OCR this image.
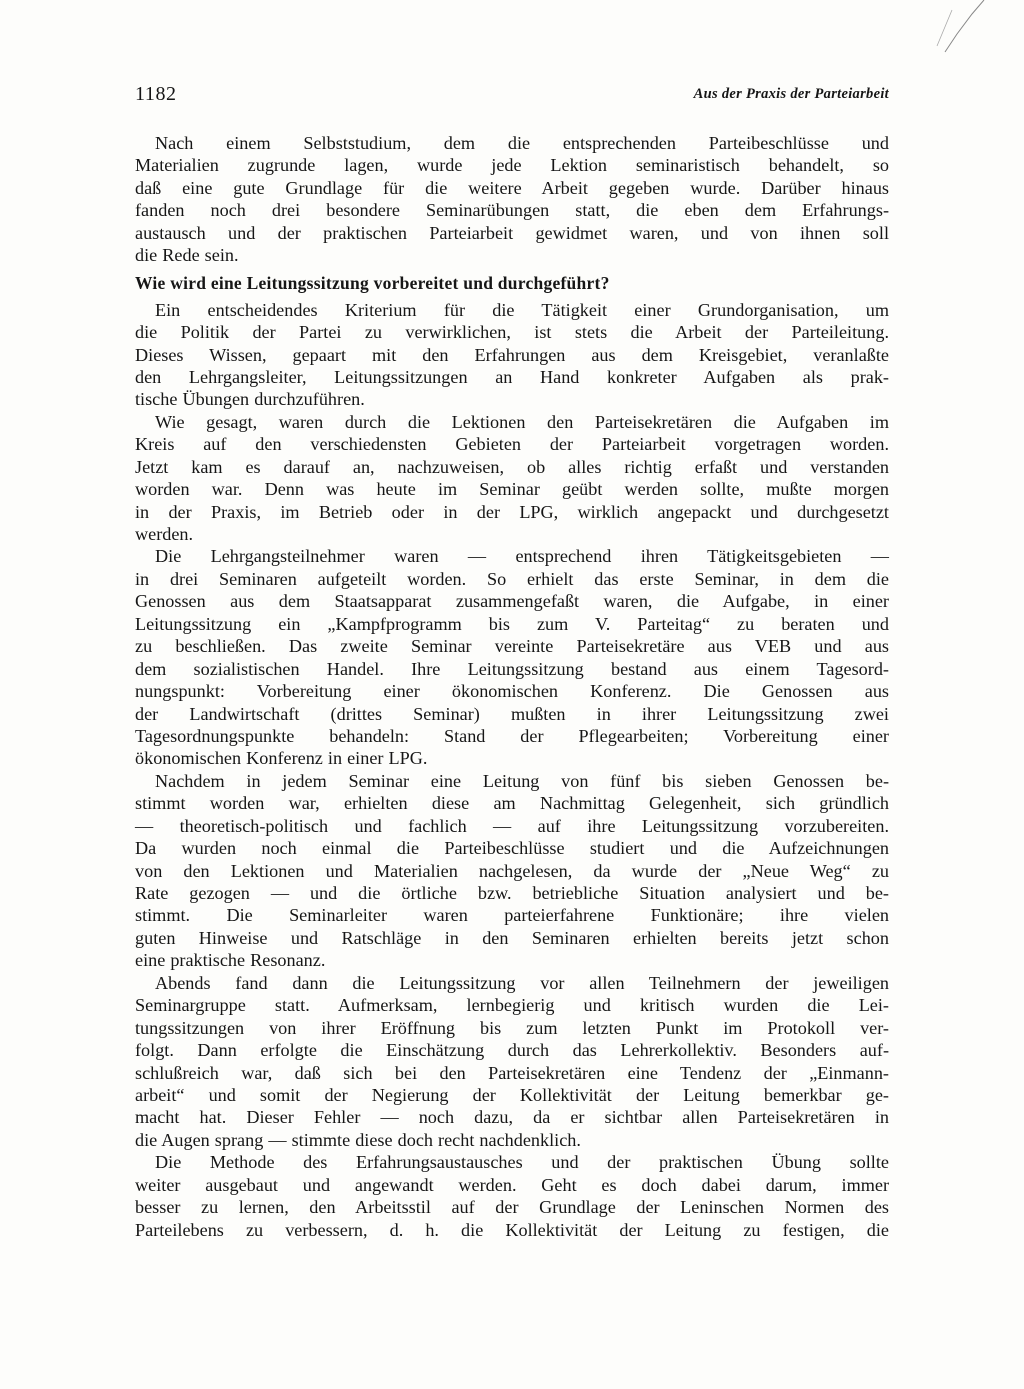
1182	Aus der Praxis der Parteiarbeit
Nach einem Selbststudium, dem die entsprechenden Parteibeschlüsse und
Materialien zugrunde lagen, wurde jede Lektion seminaristisch behandelt, so
daß eine gute Grundlage für die weitere Arbeit gegeben wurde. Darüber hinaus
fanden noch drei besondere Seminarübungen statt, die eben dem Erfahrungs-
austausch und der praktischen Parteiarbeit gewidmet waren, und von ihnen soll
die Rede sein.
Wie wird eine Leitungssitzung vorbereitet und durchgeführt?
Ein entscheidendes Kriterium für die Tätigkeit einer Grundorganisation, um
die Politik der Partei zu verwirklichen, ist stets die Arbeit der Parteileitung.
Dieses Wissen, gepaart mit den Erfahrungen aus dem Kreisgebiet, veranlaßte
den Lehrgangsleiter, Leitungssitzungen an Hand konkreter Aufgaben als prak-
tische Übungen durchzuführen.
Wie gesagt, waren durch die Lektionen den Parteisekretären die Aufgaben im
Kreis auf den verschiedensten Gebieten der Parteiarbeit vorgetragen worden.
Jetzt kam es darauf an, nachzuweisen, ob alles richtig erfaßt und verstanden
worden war. Denn was heute im Seminar geübt werden sollte, mußte morgen
in der Praxis, im Betrieb oder in der LPG, wirklich angepackt und durchgesetzt
werden.
Die Lehrgangsteilnehmer waren — entsprechend ihren Tätigkeitsgebieten —
in drei Seminaren aufgeteilt worden. So erhielt das erste Seminar, in dem die
Genossen aus dem Staatsapparat zusammengefaßt waren, die Aufgabe, in einer
Leitungssitzung ein „Kampfprogramm bis zum V. Parteitag“ zu beraten und
zu beschließen. Das zweite Seminar vereinte Parteisekretäre aus VEB und aus
dem sozialistischen Handel. Ihre Leitungssitzung bestand aus einem Tagesord-
nungspunkt: Vorbereitung einer ökonomischen Konferenz. Die Genossen aus
der Landwirtschaft (drittes Seminar) mußten in ihrer Leitungssitzung zwei
Tagesordnungspunkte behandeln: Stand der Pflegearbeiten; Vorbereitung einer
ökonomischen Konferenz in einer LPG.
Nachdem in jedem Seminar eine Leitung von fünf bis sieben Genossen be-
stimmt worden war, erhielten diese am Nachmittag Gelegenheit, sich gründlich
— theoretisch-politisch und fachlich — auf ihre Leitungssitzung vorzubereiten.
Da wurden noch einmal die Parteibeschlüsse studiert und die Aufzeichnungen
von den Lektionen und Materialien nachgelesen, da wurde der „Neue Weg“ zu
Rate gezogen — und die örtliche bzw. betriebliche Situation analysiert und be-
stimmt. Die Seminarleiter waren parteierfahrene Funktionäre; ihre vielen
guten Hinweise und Ratschläge in den Seminaren erhielten bereits jetzt schon
eine praktische Resonanz.
Abends fand dann die Leitungssitzung vor allen Teilnehmern der jeweiligen
Seminargruppe statt. Aufmerksam, lernbegierig und kritisch wurden die Lei-
tungssitzungen von ihrer Eröffnung bis zum letzten Punkt im Protokoll ver-
folgt. Dann erfolgte die Einschätzung durch das Lehrerkollektiv. Besonders auf-
schlußreich war, daß sich bei den Parteisekretären eine Tendenz der „Einmann-
arbeit“ und somit der Negierung der Kollektivität der Leitung bemerkbar ge-
macht hat. Dieser Fehler — noch dazu, da er sichtbar allen Parteisekretären in
die Augen sprang — stimmte diese doch recht nachdenklich.
Die Methode des Erfahrungsaustausches und der praktischen Übung sollte
weiter ausgebaut und angewandt werden. Geht es doch dabei darum, immer
besser zu lernen, den Arbeitsstil auf der Grundlage der Leninschen Normen des
Parteilebens zu verbessern, d. h. die Kollektivität der Leitung zu festigen, die
